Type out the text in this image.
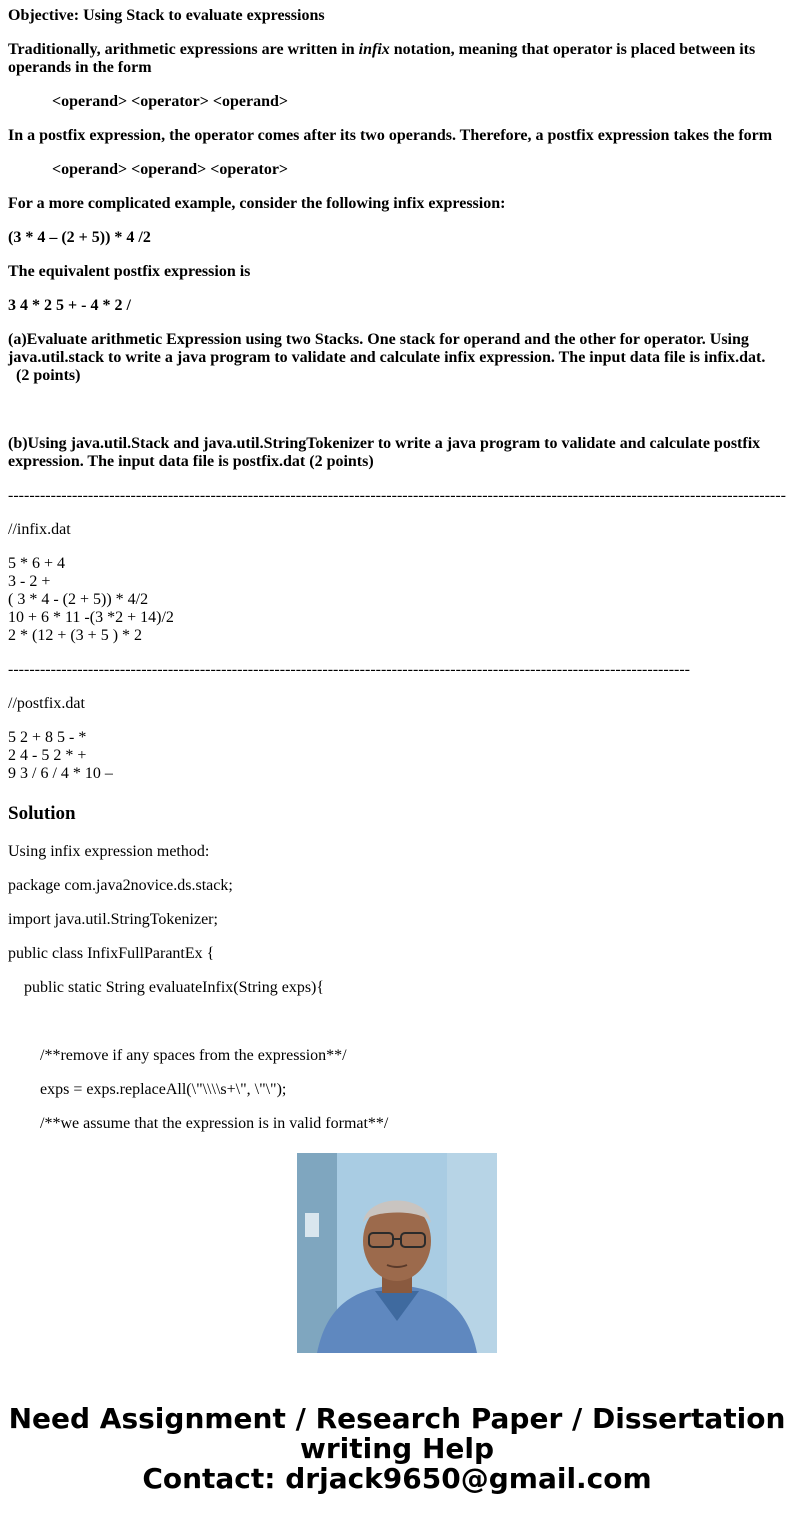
Objective: Using Stack to evaluate expressions

Traditionally, arithmetic expressions are written in infix notation, meaning that operator is placed between its operands in the form

<operand> <operator> <operand>

In a postfix expression, the operator comes after its two operands. Therefore, a postfix expression takes the form

<operand> <operand> <operator>

For a more complicated example, consider the following infix expression:

(3 * 4 – (2 + 5)) * 4 /2

The equivalent postfix expression is

3 4 * 2 5 + - 4 * 2 /

(a)Evaluate arithmetic Expression using two Stacks. One stack for operand and the other for operator. Using

java.util.stack to write a java program to validate and calculate infix expression. The input data file is infix.dat.

(2 points)

(b)Using java.util.Stack and java.util.StringTokenizer to write a java program to validate and calculate postfix

expression. The input data file is postfix.dat (2 points)

--------------------------------------------------------------------------------------------------------------------------------------------------

//infix.dat

5 * 6 + 4

3 - 2 +

( 3 * 4 - (2 + 5)) * 4/2

10 + 6 * 11 -(3 *2 + 14)/2

2 * (12 + (3 + 5 ) * 2

--------------------------------------------------------------------------------------------------------------------------------

//postfix.dat

5 2 + 8 5 - *

2 4 - 5 2 * +

9 3 / 6 / 4 * 10 –

Solution

Using infix expression method:

package com.java2novice.ds.stack;

import java.util.StringTokenizer;

public class InfixFullParantEx {

public static String evaluateInfix(String exps){

/**remove if any spaces from the expression**/

exps = exps.replaceAll(\"\\\\s+\", \"\");

/**we assume that the expression is in valid format**/

Need Assignment / Research Paper / Dissertation
writing Help
Contact: drjack9650@gmail.com
